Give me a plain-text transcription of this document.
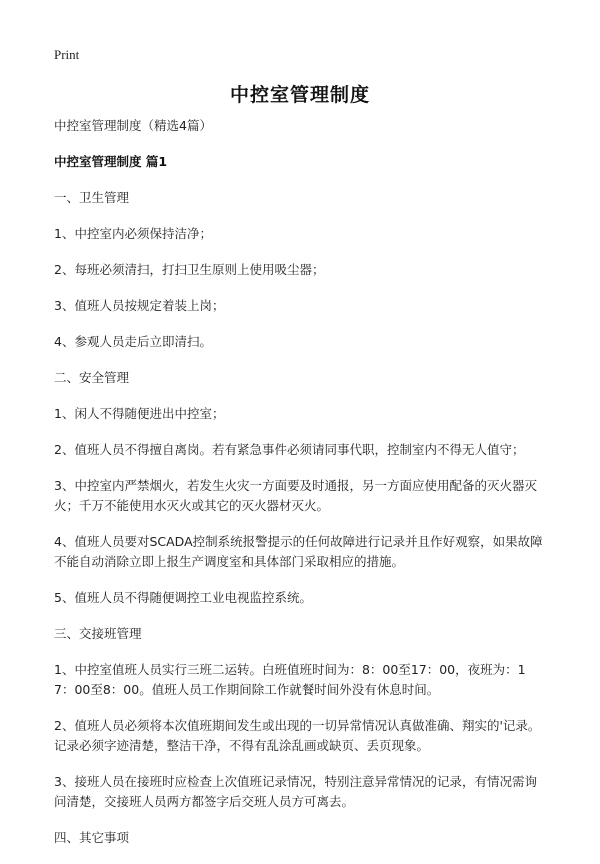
Print
中控室管理制度

中控室管理制度（精选4篇）

中控室管理制度 篇1

一、卫生管理

1、中控室内必须保持洁净；

2、每班必须清扫，打扫卫生原则上使用吸尘器；

3、值班人员按规定着装上岗；

4、参观人员走后立即清扫。

二、安全管理

1、闲人不得随便进出中控室；

2、值班人员不得擅自离岗。若有紧急事件必须请同事代职，控制室内不得无人值守；

3、中控室内严禁烟火，若发生火灾一方面要及时通报，另一方面应使用配备的灭火器灭火；千万不能使用水灭火或其它的灭火器材灭火。

4、值班人员要对SCADA控制系统报警提示的任何故障进行记录并且作好观察，如果故障不能自动消除立即上报生产调度室和具体部门采取相应的措施。

5、值班人员不得随便调控工业电视监控系统。

三、交接班管理

1、中控室值班人员实行三班二运转。白班值班时间为：8：00至17：00，夜班为：17：00至8：00。值班人员工作期间除工作就餐时间外没有休息时间。

2、值班人员必须将本次值班期间发生或出现的一切异常情况认真做准确、翔实的'记录。记录必须字迹清楚，整洁干净，不得有乱涂乱画或缺页、丢页现象。

3、接班人员在接班时应检查上次值班记录情况，特别注意异常情况的记录，有情况需询问清楚，交接班人员两方都签字后交班人员方可离去。

四、其它事项
